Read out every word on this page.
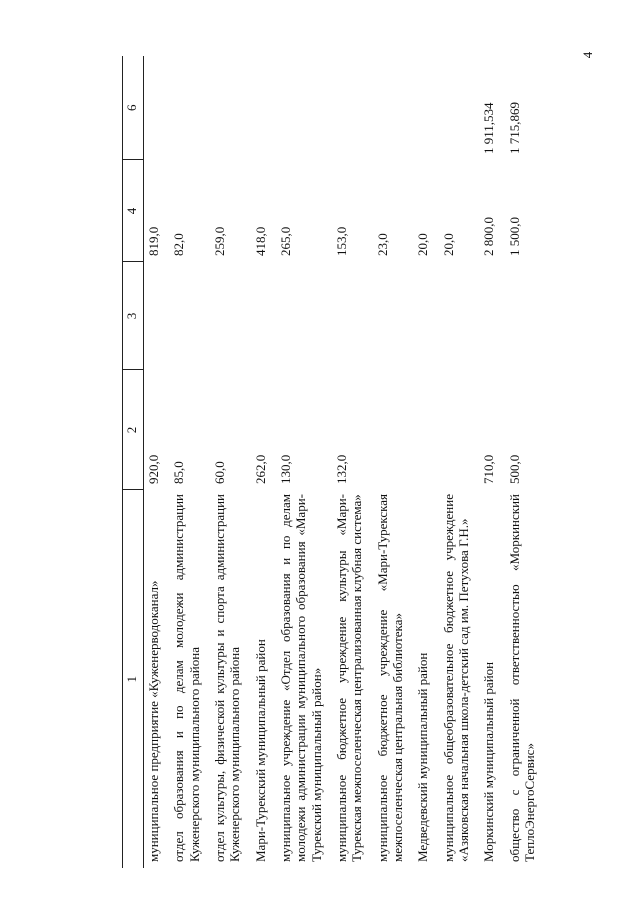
4
1	2	3	4	6
муниципальное предприятие «Куженерводоканал»	920,0		819,0	
отдел образования и по делам молодежи администрации Куженерского муниципального района	85,0		82,0	
отдел культуры, физической культуры и спорта администрации Куженерского муниципального района	60,0		259,0	
Мари-Турекский муниципальный район	262,0		418,0	
муниципальное учреждение «Отдел образования и по делам молодежи администрации муниципального образования «Мари-Турекский муниципальный район»	130,0		265,0	
муниципальное бюджетное учреждение культуры «Мари-Турекская межпоселенческая централизованная клубная система»	132,0		153,0	
муниципальное бюджетное учреждение «Мари-Турекская межпоселенческая центральная библиотека»			23,0	
Медведевский муниципальный район			20,0	
муниципальное общеобразовательное бюджетное учреждение «Азяковская начальная школа-детский сад им. Петухова Г.Н.»			20,0	
Моркинский муниципальный район	710,0		2 800,0	1 911,534
общество с ограниченной ответственностью «Моркинский ТеплоЭнергоСервис»	500,0		1 500,0	1 715,869
